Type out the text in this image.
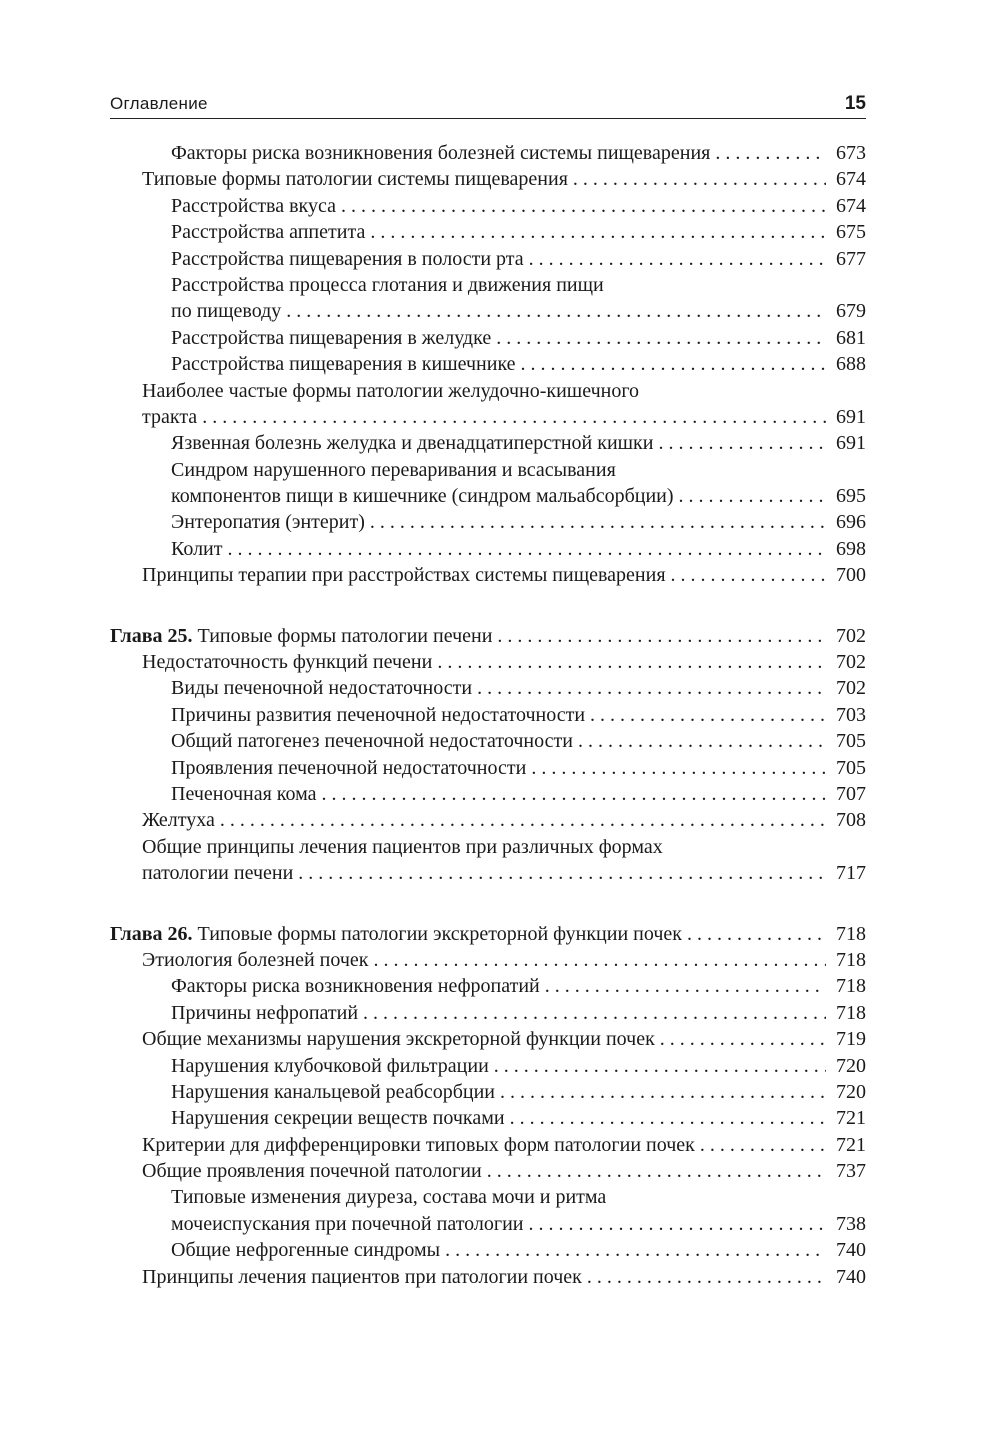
Оглавление	15
Факторы риска возникновения болезней системы пищеварения . . .	673
Типовые формы патологии системы пищеварения . . .	674
Расстройства вкуса . . .	674
Расстройства аппетита . . .	675
Расстройства пищеварения в полости рта . . .	677
Расстройства процесса глотания и движения пищи
по пищеводу . . .	679
Расстройства пищеварения в желудке . . .	681
Расстройства пищеварения в кишечнике . . .	688
Наиболее частые формы патологии желудочно-кишечного
тракта . . .	691
Язвенная болезнь желудка и двенадцатиперстной кишки . . .	691
Синдром нарушенного переваривания и всасывания
компонентов пищи в кишечнике (синдром мальабсорбции) . . .	695
Энтеропатия (энтерит) . . .	696
Колит . . .	698
Принципы терапии при расстройствах системы пищеварения . . .	700
Глава 25. Типовые формы патологии печени . . .	702
Недостаточность функций печени . . .	702
Виды печеночной недостаточности . . .	702
Причины развития печеночной недостаточности . . .	703
Общий патогенез печеночной недостаточности . . .	705
Проявления печеночной недостаточности . . .	705
Печеночная кома . . .	707
Желтуха . . .	708
Общие принципы лечения пациентов при различных формах
патологии печени . . .	717
Глава 26. Типовые формы патологии экскреторной функции почек . . .	718
Этиология болезней почек . . .	718
Факторы риска возникновения нефропатий . . .	718
Причины нефропатий . . .	718
Общие механизмы нарушения экскреторной функции почек . . .	719
Нарушения клубочковой фильтрации . . .	720
Нарушения канальцевой реабсорбции . . .	720
Нарушения секреции веществ почками . . .	721
Критерии для дифференцировки типовых форм патологии почек . . .	721
Общие проявления почечной патологии . . .	737
Типовые изменения диуреза, состава мочи и ритма
мочеиспускания при почечной патологии . . .	738
Общие нефрогенные синдромы . . .	740
Принципы лечения пациентов при патологии почек . . .	740
